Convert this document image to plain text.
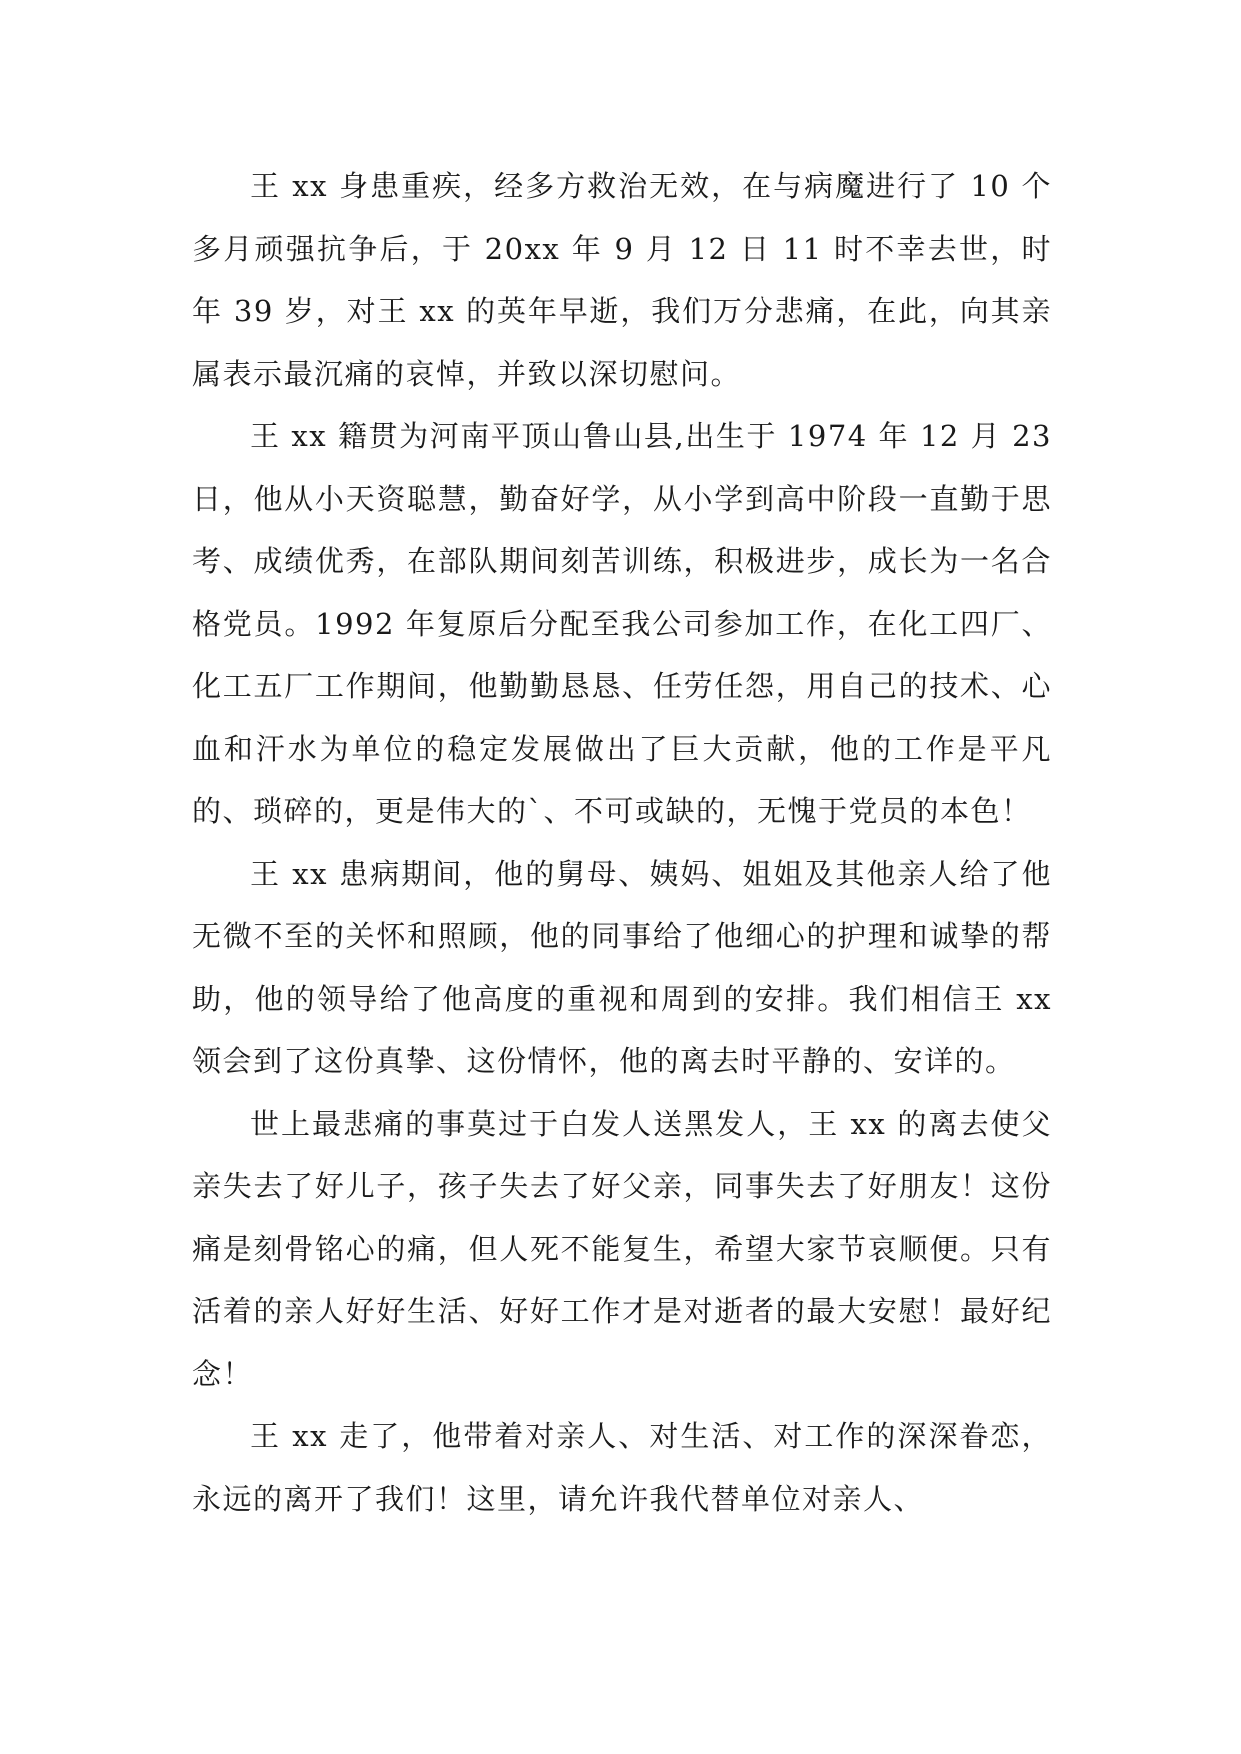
王 xx 身患重疾，经多方救治无效，在与病魔进行了 10 个多月顽强抗争后，于 20xx 年 9 月 12 日 11 时不幸去世，时年 39 岁，对王 xx 的英年早逝，我们万分悲痛，在此，向其亲属表示最沉痛的哀悼，并致以深切慰问。

王 xx 籍贯为河南平顶山鲁山县,出生于 1974 年 12 月 23 日，他从小天资聪慧，勤奋好学，从小学到高中阶段一直勤于思考、成绩优秀，在部队期间刻苦训练，积极进步，成长为一名合格党员。1992 年复原后分配至我公司参加工作，在化工四厂、化工五厂工作期间，他勤勤恳恳、任劳任怨，用自己的技术、心血和汗水为单位的稳定发展做出了巨大贡献，他的工作是平凡的、琐碎的，更是伟大的`、不可或缺的，无愧于党员的本色！

王 xx 患病期间，他的舅母、姨妈、姐姐及其他亲人给了他无微不至的关怀和照顾，他的同事给了他细心的护理和诚挚的帮助，他的领导给了他高度的重视和周到的安排。我们相信王 xx 领会到了这份真挚、这份情怀，他的离去时平静的、安详的。

世上最悲痛的事莫过于白发人送黑发人，王 xx 的离去使父亲失去了好儿子，孩子失去了好父亲，同事失去了好朋友！这份痛是刻骨铭心的痛，但人死不能复生，希望大家节哀顺便。只有活着的亲人好好生活、好好工作才是对逝者的最大安慰！最好纪念！

王 xx 走了，他带着对亲人、对生活、对工作的深深眷恋，永远的离开了我们！这里，请允许我代替单位对亲人、
